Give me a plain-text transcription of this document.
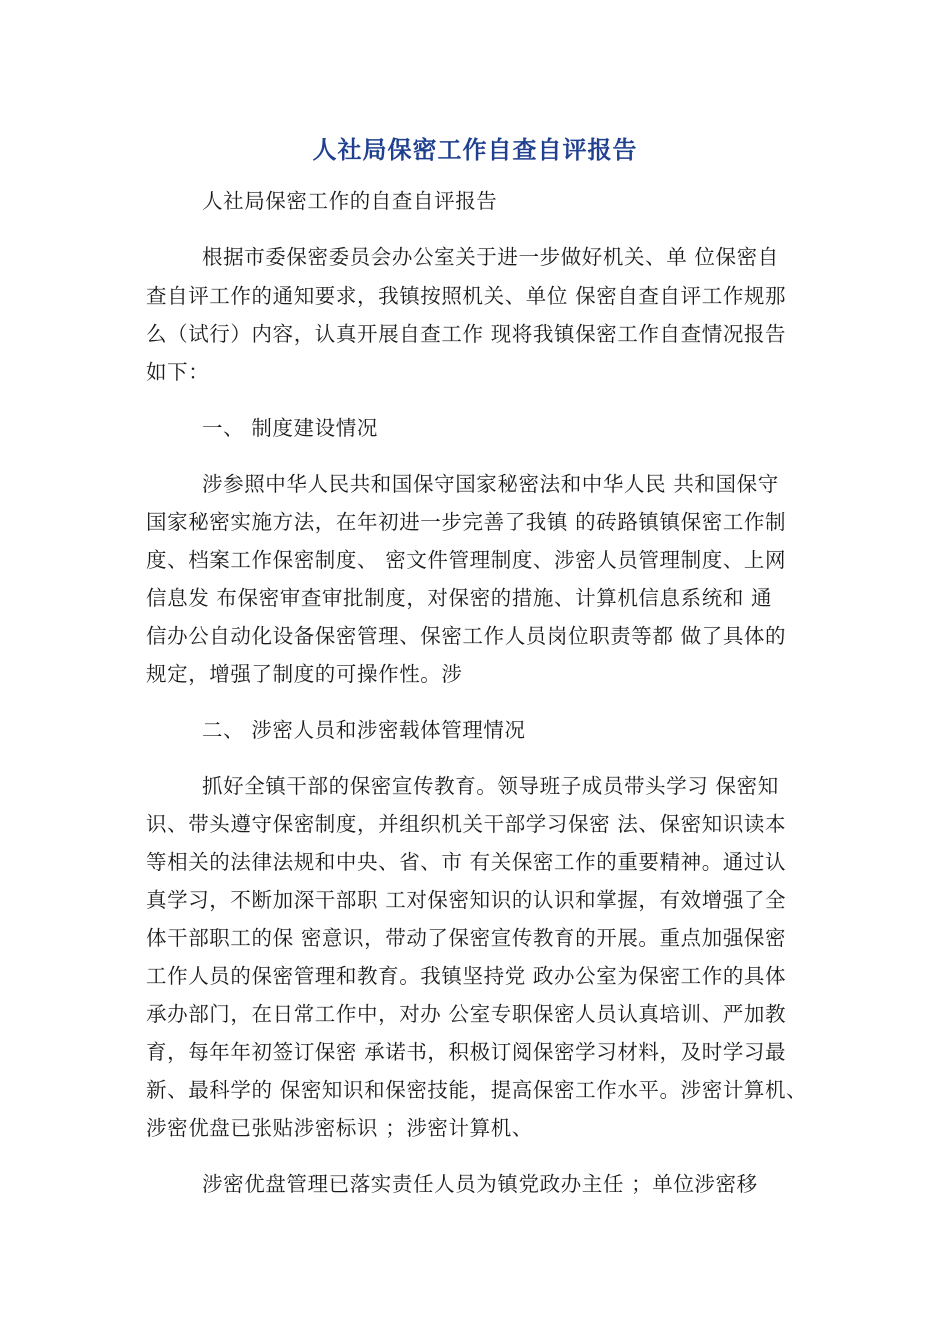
人社局保密工作自查自评报告
人社局保密工作的自查自评报告
根据市委保密委员会办公室关于进一步做好机关、单 位保密自
查自评工作的通知要求，我镇按照机关、单位 保密自查自评工作规那
么（试行）内容，认真开展自查工作 现将我镇保密工作自查情况报告
如下：
一、 制度建设情况
涉参照中华人民共和国保守国家秘密法和中华人民 共和国保守
国家秘密实施方法，在年初进一步完善了我镇 的砖路镇镇保密工作制
度、档案工作保密制度、 密文件管理制度、涉密人员管理制度、上网
信息发 布保密审查审批制度，对保密的措施、计算机信息系统和 通
信办公自动化设备保密管理、保密工作人员岗位职责等都 做了具体的
规定，增强了制度的可操作性。涉
二、 涉密人员和涉密载体管理情况
抓好全镇干部的保密宣传教育。领导班子成员带头学习 保密知
识、带头遵守保密制度，并组织机关干部学习保密 法、保密知识读本
等相关的法律法规和中央、省、市 有关保密工作的重要精神。通过认
真学习，不断加深干部职 工对保密知识的认识和掌握，有效增强了全
体干部职工的保 密意识，带动了保密宣传教育的开展。重点加强保密
工作人员的保密管理和教育。我镇坚持党 政办公室为保密工作的具体
承办部门，在日常工作中，对办 公室专职保密人员认真培训、严加教
育，每年年初签订保密 承诺书，积极订阅保密学习材料，及时学习最
新、最科学的 保密知识和保密技能，提高保密工作水平。涉密计算机、
涉密优盘已张贴涉密标识 ；涉密计算机、
涉密优盘管理已落实责任人员为镇党政办主任 ；单位涉密移
